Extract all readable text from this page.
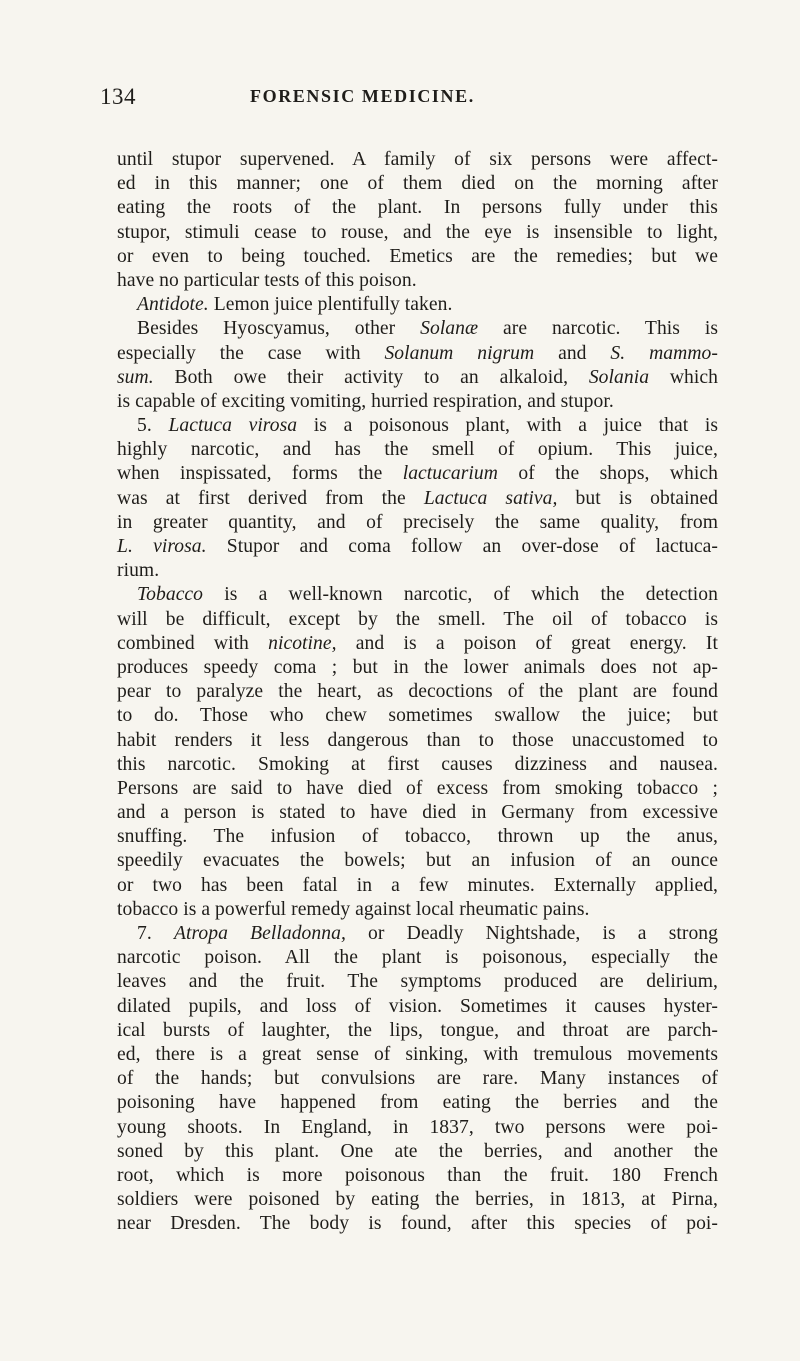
134	FORENSIC MEDICINE.
until stupor supervened. A family of six persons were affect-
ed in this manner; one of them died on the morning after
eating the roots of the plant. In persons fully under this
stupor, stimuli cease to rouse, and the eye is insensible to light,
or even to being touched. Emetics are the remedies; but we
have no particular tests of this poison.
Antidote. Lemon juice plentifully taken.
Besides Hyoscyamus, other Solanæ are narcotic. This is
especially the case with Solanum nigrum and S. mammo-
sum. Both owe their activity to an alkaloid, Solania which
is capable of exciting vomiting, hurried respiration, and stupor.
5. Lactuca virosa is a poisonous plant, with a juice that is
highly narcotic, and has the smell of opium. This juice,
when inspissated, forms the lactucarium of the shops, which
was at first derived from the Lactuca sativa, but is obtained
in greater quantity, and of precisely the same quality, from
L. virosa. Stupor and coma follow an over-dose of lactuca-
rium.
Tobacco is a well-known narcotic, of which the detection
will be difficult, except by the smell. The oil of tobacco is
combined with nicotine, and is a poison of great energy. It
produces speedy coma ; but in the lower animals does not ap-
pear to paralyze the heart, as decoctions of the plant are found
to do. Those who chew sometimes swallow the juice; but
habit renders it less dangerous than to those unaccustomed to
this narcotic. Smoking at first causes dizziness and nausea.
Persons are said to have died of excess from smoking tobacco ;
and a person is stated to have died in Germany from excessive
snuffing. The infusion of tobacco, thrown up the anus,
speedily evacuates the bowels; but an infusion of an ounce
or two has been fatal in a few minutes. Externally applied,
tobacco is a powerful remedy against local rheumatic pains.
7. Atropa Belladonna, or Deadly Nightshade, is a strong
narcotic poison. All the plant is poisonous, especially the
leaves and the fruit. The symptoms produced are delirium,
dilated pupils, and loss of vision. Sometimes it causes hyster-
ical bursts of laughter, the lips, tongue, and throat are parch-
ed, there is a great sense of sinking, with tremulous movements
of the hands; but convulsions are rare. Many instances of
poisoning have happened from eating the berries and the
young shoots. In England, in 1837, two persons were poi-
soned by this plant. One ate the berries, and another the
root, which is more poisonous than the fruit. 180 French
soldiers were poisoned by eating the berries, in 1813, at Pirna,
near Dresden. The body is found, after this species of poi-
